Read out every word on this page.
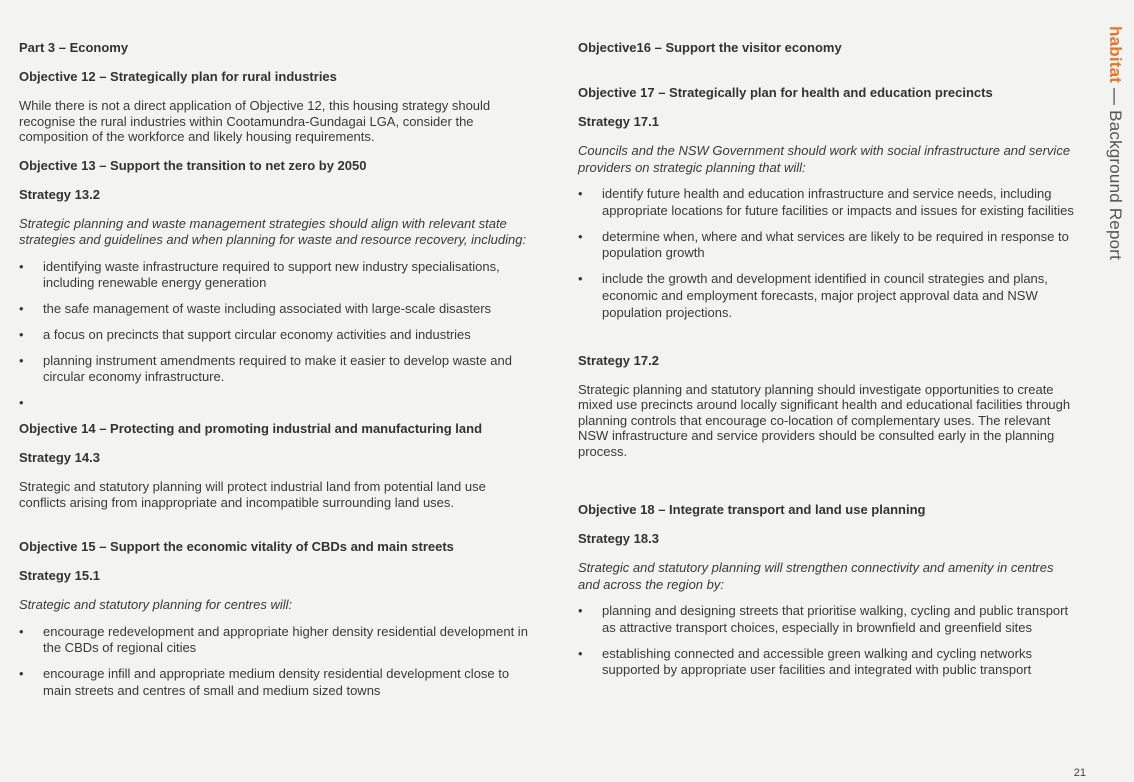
Part 3 – Economy
Objective 12 – Strategically plan for rural industries

While there is not a direct application of Objective 12, this housing strategy should recognise the rural industries within Cootamundra-Gundagai LGA, consider the composition of the workforce and likely housing requirements.

Objective 13 – Support the transition to net zero by 2050
Strategy 13.2

Strategic planning and waste management strategies should align with relevant state strategies and guidelines and when planning for waste and resource recovery, including:

• identifying waste infrastructure required to support new industry specialisations, including renewable energy generation
• the safe management of waste including associated with large-scale disasters
• a focus on precincts that support circular economy activities and industries
• planning instrument amendments required to make it easier to develop waste and circular economy infrastructure.
•

Objective 14 – Protecting and promoting industrial and manufacturing land
Strategy 14.3

Strategic and statutory planning will protect industrial land from potential land use conflicts arising from inappropriate and incompatible surrounding land uses.

Objective 15 – Support the economic vitality of CBDs and main streets
Strategy 15.1

Strategic and statutory planning for centres will:

• encourage redevelopment and appropriate higher density residential development in the CBDs of regional cities
• encourage infill and appropriate medium density residential development close to main streets and centres of small and medium sized towns
Objective16 – Support the visitor economy
Objective 17 – Strategically plan for health and education precincts
Strategy 17.1

Councils and the NSW Government should work with social infrastructure and service providers on strategic planning that will:

• identify future health and education infrastructure and service needs, including appropriate locations for future facilities or impacts and issues for existing facilities
• determine when, where and what services are likely to be required in response to population growth
• include the growth and development identified in council strategies and plans, economic and employment forecasts, major project approval data and NSW population projections.
Strategy 17.2

Strategic planning and statutory planning should investigate opportunities to create mixed use precincts around locally significant health and educational facilities through planning controls that encourage co-location of complementary uses. The relevant NSW infrastructure and service providers should be consulted early in the planning process.

Objective 18 – Integrate transport and land use planning
Strategy 18.3

Strategic and statutory planning will strengthen connectivity and amenity in centres and across the region by:

• planning and designing streets that prioritise walking, cycling and public transport as attractive transport choices, especially in brownfield and greenfield sites
• establishing connected and accessible green walking and cycling networks supported by appropriate user facilities and integrated with public transport
habitat — Background Report
21
